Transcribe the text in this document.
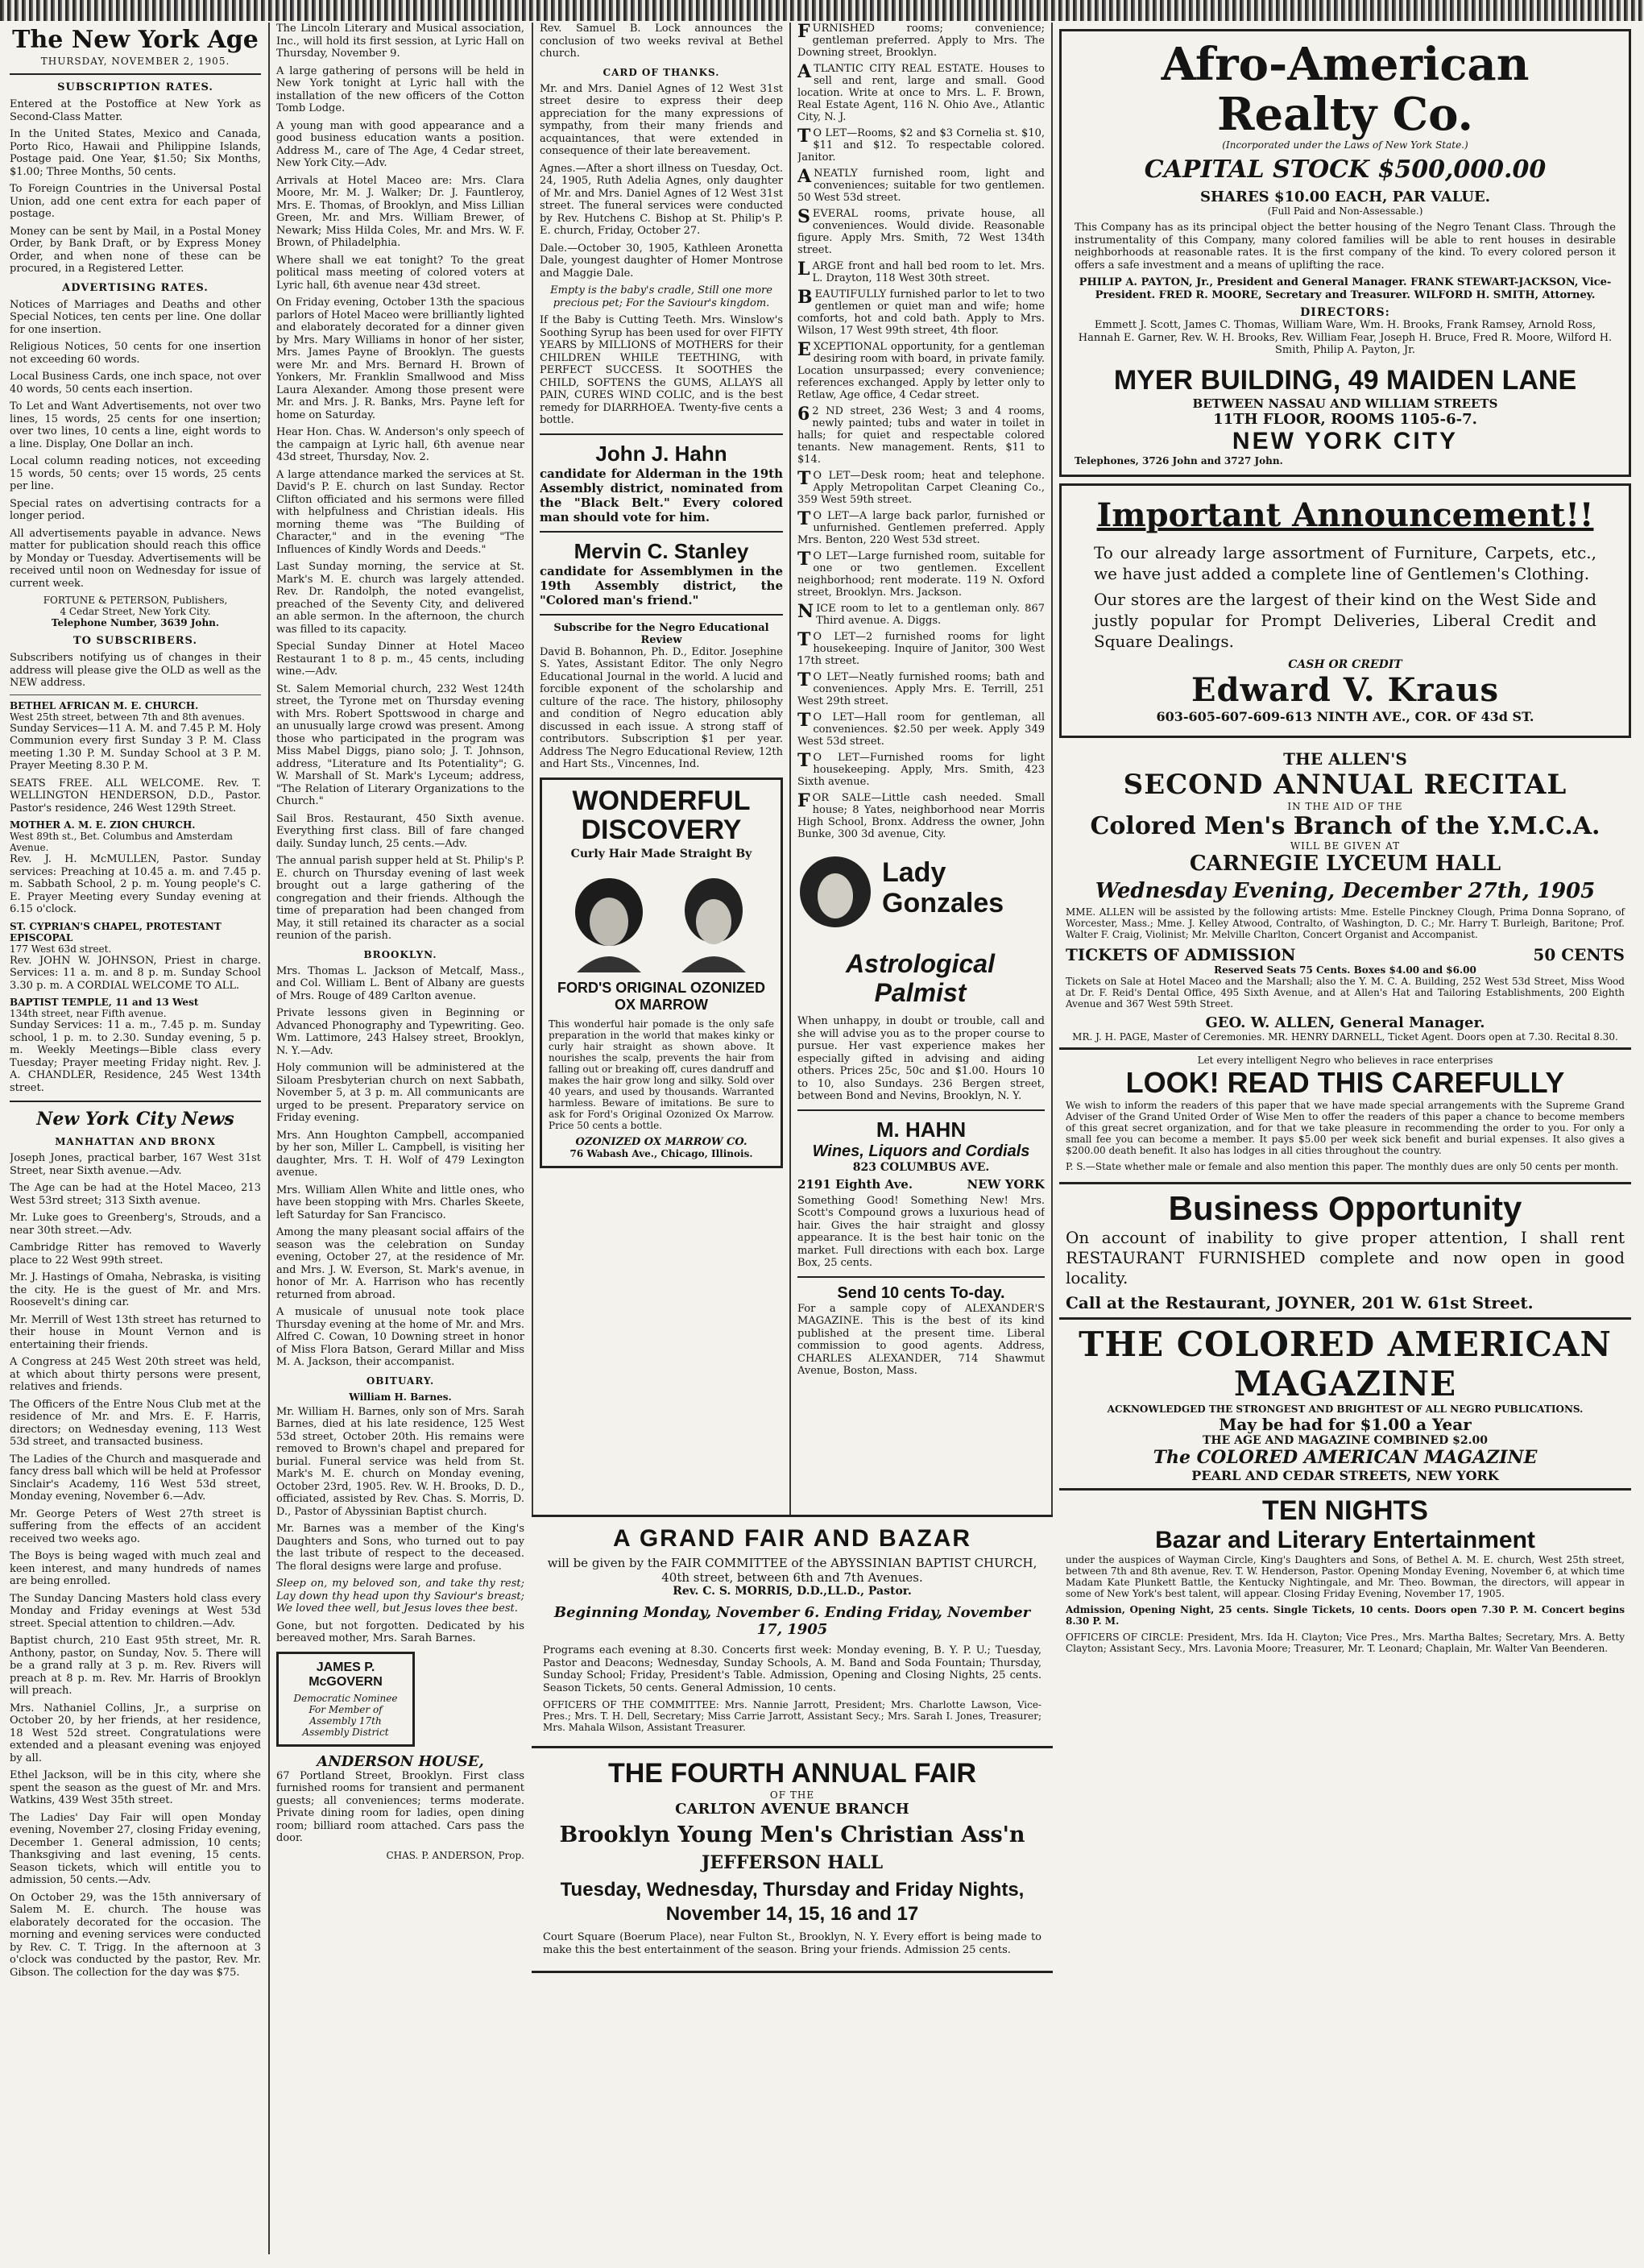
The New York Age
THURSDAY, NOVEMBER 2, 1905.
SUBSCRIPTION RATES.

Entered at the Postoffice at New York as Second-Class Matter.

In the United States, Mexico and Canada, Porto Rico, Hawaii and Philippine Islands, Postage paid. One Year, $1.50; Six Months, $1.00; Three Months, 50 cents.

To Foreign Countries in the Universal Postal Union, add one cent extra for each paper of postage.

Money can be sent by Mail, in a Postal Money Order, by Bank Draft, or by Express Money Order, and when none of these can be procured, in a Registered Letter.

ADVERTISING RATES.

Notices of Marriages and Deaths and other Special Notices, ten cents per line. One dollar for one insertion.

Religious Notices, 50 cents for one insertion not exceeding 60 words.

Local Business Cards, one inch space, not over 40 words, 50 cents each insertion.

To Let and Want Advertisements, not over two lines, 15 words, 25 cents for one insertion; over two lines, 10 cents a line, eight words to a line. Display, One Dollar an inch.

Local column reading notices, not exceeding 15 words, 50 cents; over 15 words, 25 cents per line.

Special rates on advertising contracts for a longer period.

All advertisements payable in advance. News matter for publication should reach this office by Monday or Tuesday. Advertisements will be received until noon on Wednesday for issue of current week.

FORTUNE & PETERSON, Publishers,
4 Cedar Street, New York City.
Telephone Number, 3639 John.
TO SUBSCRIBERS.

Subscribers notifying us of changes in their address will please give the OLD as well as the NEW address.

BETHEL AFRICAN M. E. CHURCH.
West 25th street, between 7th and 8th avenues.

Sunday Services—11 A. M. and 7.45 P. M. Holy Communion every first Sunday 3 P. M. Class meeting 1.30 P. M. Sunday School at 3 P. M. Prayer Meeting 8.30 P. M.

SEATS FREE. ALL WELCOME. Rev. T. WELLINGTON HENDERSON, D.D., Pastor. Pastor's residence, 246 West 129th Street.

MOTHER A. M. E. ZION CHURCH.
West 89th st., Bet. Columbus and Amsterdam Avenue.

Rev. J. H. McMULLEN, Pastor. Sunday services: Preaching at 10.45 a. m. and 7.45 p. m. Sabbath School, 2 p. m. Young people's C. E. Prayer Meeting every Sunday evening at 6.15 o'clock.

ST. CYPRIAN'S CHAPEL, PROTESTANT EPISCOPAL
177 West 63d street.

Rev. JOHN W. JOHNSON, Priest in charge. Services: 11 a. m. and 8 p. m. Sunday School 3.30 p. m. A CORDIAL WELCOME TO ALL.

BAPTIST TEMPLE, 11 and 13 West
134th street, near Fifth avenue.

Sunday Services: 11 a. m., 7.45 p. m. Sunday school, 1 p. m. to 2.30. Sunday evening, 5 p. m. Weekly Meetings—Bible class every Tuesday; Prayer meeting Friday night. Rev. J. A. CHANDLER, Residence, 245 West 134th street.

New York City News
MANHATTAN AND BRONX

Joseph Jones, practical barber, 167 West 31st Street, near Sixth avenue.—Adv.

The Age can be had at the Hotel Maceo, 213 West 53rd street; 313 Sixth avenue.

Mr. Luke goes to Greenberg's, Strouds, and a near 30th street.—Adv.

Cambridge Ritter has removed to Waverly place to 22 West 99th street.

Mr. J. Hastings of Omaha, Nebraska, is visiting the city. He is the guest of Mr. and Mrs. Roosevelt's dining car.

Mr. Merrill of West 13th street has returned to their house in Mount Vernon and is entertaining their friends.

A Congress at 245 West 20th street was held, at which about thirty persons were present, relatives and friends.

The Officers of the Entre Nous Club met at the residence of Mr. and Mrs. E. F. Harris, directors; on Wednesday evening, 113 West 53d street, and transacted business.

The Ladies of the Church and masquerade and fancy dress ball which will be held at Professor Sinclair's Academy, 116 West 53d street, Monday evening, November 6.—Adv.

Mr. George Peters of West 27th street is suffering from the effects of an accident received two weeks ago.

The Boys is being waged with much zeal and keen interest, and many hundreds of names are being enrolled.

The Sunday Dancing Masters hold class every Monday and Friday evenings at West 53d street. Special attention to children.—Adv.

Baptist church, 210 East 95th street, Mr. R. Anthony, pastor, on Sunday, Nov. 5. There will be a grand rally at 3 p. m. Rev. Rivers will preach at 8 p. m. Rev. Mr. Harris of Brooklyn will preach.

Mrs. Nathaniel Collins, Jr., a surprise on October 20, by her friends, at her residence, 18 West 52d street. Congratulations were extended and a pleasant evening was enjoyed by all.

Ethel Jackson, will be in this city, where she spent the season as the guest of Mr. and Mrs. Watkins, 439 West 35th street.

The Ladies' Day Fair will open Monday evening, November 27, closing Friday evening, December 1. General admission, 10 cents; Thanksgiving and last evening, 15 cents. Season tickets, which will entitle you to admission, 50 cents.—Adv.

On October 29, was the 15th anniversary of Salem M. E. church. The house was elaborately decorated for the occasion. The morning and evening services were conducted by Rev. C. T. Trigg. In the afternoon at 3 o'clock was conducted by the pastor, Rev. Mr. Gibson. The collection for the day was $75.

The Lincoln Literary and Musical association, Inc., will hold its first session, at Lyric Hall on Thursday, November 9.

A large gathering of persons will be held in New York tonight at Lyric hall with the installation of the new officers of the Cotton Tomb Lodge.

A young man with good appearance and a good business education wants a position. Address M., care of The Age, 4 Cedar street, New York City.—Adv.

Arrivals at Hotel Maceo are: Mrs. Clara Moore, Mr. M. J. Walker; Dr. J. Fauntleroy, Mrs. E. Thomas, of Brooklyn, and Miss Lillian Green, Mr. and Mrs. William Brewer, of Newark; Miss Hilda Coles, Mr. and Mrs. W. F. Brown, of Philadelphia.

Where shall we eat tonight? To the great political mass meeting of colored voters at Lyric hall, 6th avenue near 43d street.

On Friday evening, October 13th the spacious parlors of Hotel Maceo were brilliantly lighted and elaborately decorated for a dinner given by Mrs. Mary Williams in honor of her sister, Mrs. James Payne of Brooklyn. The guests were Mr. and Mrs. Bernard H. Brown of Yonkers, Mr. Franklin Smallwood and Miss Laura Alexander. Among those present were Mr. and Mrs. J. R. Banks, Mrs. Payne left for home on Saturday.

Hear Hon. Chas. W. Anderson's only speech of the campaign at Lyric hall, 6th avenue near 43d street, Thursday, Nov. 2.

A large attendance marked the services at St. David's P. E. church on last Sunday. Rector Clifton officiated and his sermons were filled with helpfulness and Christian ideals. His morning theme was "The Building of Character," and in the evening "The Influences of Kindly Words and Deeds."

Last Sunday morning, the service at St. Mark's M. E. church was largely attended. Rev. Dr. Randolph, the noted evangelist, preached of the Seventy City, and delivered an able sermon. In the afternoon, the church was filled to its capacity.

Special Sunday Dinner at Hotel Maceo Restaurant 1 to 8 p. m., 45 cents, including wine.—Adv.

St. Salem Memorial church, 232 West 124th street, the Tyrone met on Thursday evening with Mrs. Robert Spottswood in charge and an unusually large crowd was present. Among those who participated in the program was Miss Mabel Diggs, piano solo; J. T. Johnson, address, "Literature and Its Potentiality"; G. W. Marshall of St. Mark's Lyceum; address, "The Relation of Literary Organizations to the Church."

Sail Bros. Restaurant, 450 Sixth avenue. Everything first class. Bill of fare changed daily. Sunday lunch, 25 cents.—Adv.

The annual parish supper held at St. Philip's P. E. church on Thursday evening of last week brought out a large gathering of the congregation and their friends. Although the time of preparation had been changed from May, it still retained its character as a social reunion of the parish.

BROOKLYN.

Mrs. Thomas L. Jackson of Metcalf, Mass., and Col. William L. Bent of Albany are guests of Mrs. Rouge of 489 Carlton avenue.

Private lessons given in Beginning or Advanced Phonography and Typewriting. Geo. Wm. Lattimore, 243 Halsey street, Brooklyn, N. Y.—Adv.

Holy communion will be administered at the Siloam Presbyterian church on next Sabbath, November 5, at 3 p. m. All communicants are urged to be present. Preparatory service on Friday evening.

Mrs. Ann Houghton Campbell, accompanied by her son, Miller L. Campbell, is visiting her daughter, Mrs. T. H. Wolf of 479 Lexington avenue.

Mrs. William Allen White and little ones, who have been stopping with Mrs. Charles Skeete, left Saturday for San Francisco.

Among the many pleasant social affairs of the season was the celebration on Sunday evening, October 27, at the residence of Mr. and Mrs. J. W. Everson, St. Mark's avenue, in honor of Mr. A. Harrison who has recently returned from abroad.

A musicale of unusual note took place Thursday evening at the home of Mr. and Mrs. Alfred C. Cowan, 10 Downing street in honor of Miss Flora Batson, Gerard Millar and Miss M. A. Jackson, their accompanist.

OBITUARY.
William H. Barnes.

Mr. William H. Barnes, only son of Mrs. Sarah Barnes, died at his late residence, 125 West 53d street, October 20th. His remains were removed to Brown's chapel and prepared for burial. Funeral service was held from St. Mark's M. E. church on Monday evening, October 23rd, 1905. Rev. W. H. Brooks, D. D., officiated, assisted by Rev. Chas. S. Morris, D. D., Pastor of Abyssinian Baptist church.

Mr. Barnes was a member of the King's Daughters and Sons, who turned out to pay the last tribute of respect to the deceased. The floral designs were large and profuse.

Sleep on, my beloved son, and take thy rest; Lay down thy head upon thy Saviour's breast; We loved thee well, but Jesus loves thee best.

Gone, but not forgotten. Dedicated by his bereaved mother, Mrs. Sarah Barnes.

JAMES P. McGOVERN
Democratic Nominee For Member of Assembly 17th Assembly District
ANDERSON HOUSE,

67 Portland Street, Brooklyn. First class furnished rooms for transient and permanent guests; all conveniences; terms moderate. Private dining room for ladies, open dining room; billiard room attached. Cars pass the door.

CHAS. P. ANDERSON, Prop.

Rev. Samuel B. Lock announces the conclusion of two weeks revival at Bethel church.

CARD OF THANKS.

Mr. and Mrs. Daniel Agnes of 12 West 31st street desire to express their deep appreciation for the many expressions of sympathy, from their many friends and acquaintances, that were extended in consequence of their late bereavement.

Agnes.—After a short illness on Tuesday, Oct. 24, 1905, Ruth Adelia Agnes, only daughter of Mr. and Mrs. Daniel Agnes of 12 West 31st street. The funeral services were conducted by Rev. Hutchens C. Bishop at St. Philip's P. E. church, Friday, October 27.

Dale.—October 30, 1905, Kathleen Aronetta Dale, youngest daughter of Homer Montrose and Maggie Dale.

Empty is the baby's cradle, Still one more precious pet; For the Saviour's kingdom.

If the Baby is Cutting Teeth. Mrs. Winslow's Soothing Syrup has been used for over FIFTY YEARS by MILLIONS of MOTHERS for their CHILDREN WHILE TEETHING, with PERFECT SUCCESS. It SOOTHES the CHILD, SOFTENS the GUMS, ALLAYS all PAIN, CURES WIND COLIC, and is the best remedy for DIARRHOEA. Twenty-five cents a bottle.

John J. Hahn

candidate for Alderman in the 19th Assembly district, nominated from the "Black Belt." Every colored man should vote for him.

Mervin C. Stanley

candidate for Assemblymen in the 19th Assembly district, the "Colored man's friend."

Subscribe for the Negro Educational Review

David B. Bohannon, Ph. D., Editor. Josephine S. Yates, Assistant Editor. The only Negro Educational Journal in the world. A lucid and forcible exponent of the scholarship and culture of the race. The history, philosophy and condition of Negro education ably discussed in each issue. A strong staff of contributors. Subscription $1 per year. Address The Negro Educational Review, 12th and Hart Sts., Vincennes, Ind.

WONDERFUL
DISCOVERY
Curly Hair Made Straight By
FORD'S ORIGINAL OZONIZED OX MARROW

This wonderful hair pomade is the only safe preparation in the world that makes kinky or curly hair straight as shown above. It nourishes the scalp, prevents the hair from falling out or breaking off, cures dandruff and makes the hair grow long and silky. Sold over 40 years, and used by thousands. Warranted harmless. Beware of imitations. Be sure to ask for Ford's Original Ozonized Ox Marrow. Price 50 cents a bottle.

OZONIZED OX MARROW CO.
76 Wabash Ave., Chicago, Illinois.

FURNISHED rooms; convenience; gentleman preferred. Apply to Mrs. The Downing street, Brooklyn.

ATLANTIC CITY REAL ESTATE. Houses to sell and rent, large and small. Good location. Write at once to Mrs. L. F. Brown, Real Estate Agent, 116 N. Ohio Ave., Atlantic City, N. J.

T O LET—Rooms, $2 and $3 Cornelia st. $10, $11 and $12. To respectable colored. Janitor.

ANEATLY furnished room, light and conveniences; suitable for two gentlemen. 50 West 53d street.

SEVERAL rooms, private house, all conveniences. Would divide. Reasonable figure. Apply Mrs. Smith, 72 West 134th street.

LARGE front and hall bed room to let. Mrs. L. Drayton, 118 West 30th street.

BEAUTIFULLY furnished parlor to let to two gentlemen or quiet man and wife; home comforts, hot and cold bath. Apply to Mrs. Wilson, 17 West 99th street, 4th floor.

EXCEPTIONAL opportunity, for a gentleman desiring room with board, in private family. Location unsurpassed; every convenience; references exchanged. Apply by letter only to Retlaw, Age office, 4 Cedar street.

6 2 ND street, 236 West; 3 and 4 rooms, newly painted; tubs and water in toilet in halls; for quiet and respectable colored tenants. New management. Rents, $11 to $14.

T O LET—Desk room; heat and telephone. Apply Metropolitan Carpet Cleaning Co., 359 West 59th street.

T O LET—A large back parlor, furnished or unfurnished. Gentlemen preferred. Apply Mrs. Benton, 220 West 53d street.

T O LET—Large furnished room, suitable for one or two gentlemen. Excellent neighborhood; rent moderate. 119 N. Oxford street, Brooklyn. Mrs. Jackson.

NICE room to let to a gentleman only. 867 Third avenue. A. Diggs.

T O LET—2 furnished rooms for light housekeeping. Inquire of Janitor, 300 West 17th street.

T O LET—Neatly furnished rooms; bath and conveniences. Apply Mrs. E. Terrill, 251 West 29th street.

T O LET—Hall room for gentleman, all conveniences. $2.50 per week. Apply 349 West 53d street.

T O LET—Furnished rooms for light housekeeping. Apply, Mrs. Smith, 423 Sixth avenue.

FOR SALE—Little cash needed. Small house; 8 Yates, neighborhood near Morris High School, Bronx. Address the owner, John Bunke, 300 3d avenue, City.

Lady Gonzales
Astrological Palmist

When unhappy, in doubt or trouble, call and she will advise you as to the proper course to pursue. Her vast experience makes her especially gifted in advising and aiding others. Prices 25c, 50c and $1.00. Hours 10 to 10, also Sundays. 236 Bergen street, between Bond and Nevins, Brooklyn, N. Y.

M. HAHN
Wines, Liquors and Cordials
823 COLUMBUS AVE.
2191 Eighth Ave.	NEW YORK

Something Good! Something New! Mrs. Scott's Compound grows a luxurious head of hair. Gives the hair straight and glossy appearance. It is the best hair tonic on the market. Full directions with each box. Large Box, 25 cents.

Send 10 cents To-day.

For a sample copy of ALEXANDER'S MAGAZINE. This is the best of its kind published at the present time. Liberal commission to good agents. Address, CHARLES ALEXANDER, 714 Shawmut Avenue, Boston, Mass.

A GRAND FAIR AND BAZAR
will be given by the FAIR COMMITTEE of the ABYSSINIAN BAPTIST CHURCH, 40th street, between 6th and 7th Avenues.
Rev. C. S. MORRIS, D.D.,LL.D., Pastor.
Beginning Monday, November 6. Ending Friday, November 17, 1905

Programs each evening at 8.30. Concerts first week: Monday evening, B. Y. P. U.; Tuesday, Pastor and Deacons; Wednesday, Sunday Schools, A. M. Band and Soda Fountain; Thursday, Sunday School; Friday, President's Table. Admission, Opening and Closing Nights, 25 cents. Season Tickets, 50 cents. General Admission, 10 cents.

OFFICERS OF THE COMMITTEE: Mrs. Nannie Jarrott, President; Mrs. Charlotte Lawson, Vice-Pres.; Mrs. T. H. Dell, Secretary; Miss Carrie Jarrott, Assistant Secy.; Mrs. Sarah I. Jones, Treasurer; Mrs. Mahala Wilson, Assistant Treasurer.

THE FOURTH ANNUAL FAIR
OF THE
CARLTON AVENUE BRANCH
Brooklyn Young Men's Christian Ass'n
JEFFERSON HALL
Tuesday, Wednesday, Thursday and Friday Nights, November 14, 15, 16 and 17

Court Square (Boerum Place), near Fulton St., Brooklyn, N. Y. Every effort is being made to make this the best entertainment of the season. Bring your friends. Admission 25 cents.

Afro-American Realty Co.
(Incorporated under the Laws of New York State.)
CAPITAL STOCK $500,000.00
SHARES $10.00 EACH, PAR VALUE.
(Full Paid and Non-Assessable.)

This Company has as its principal object the better housing of the Negro Tenant Class. Through the instrumentality of this Company, many colored families will be able to rent houses in desirable neighborhoods at reasonable rates. It is the first company of the kind. To every colored person it offers a safe investment and a means of uplifting the race.

PHILIP A. PAYTON, Jr., President and General Manager. FRANK STEWART-JACKSON, Vice-President. FRED R. MOORE, Secretary and Treasurer. WILFORD H. SMITH, Attorney.

DIRECTORS:

Emmett J. Scott, James C. Thomas, William Ware, Wm. H. Brooks, Frank Ramsey, Arnold Ross, Hannah E. Garner, Rev. W. H. Brooks, Rev. William Fear, Joseph H. Bruce, Fred R. Moore, Wilford H. Smith, Philip A. Payton, Jr.

MYER BUILDING, 49 MAIDEN LANE
BETWEEN NASSAU AND WILLIAM STREETS
11TH FLOOR, ROOMS 1105-6-7.
NEW YORK CITY
Telephones, 3726 John and 3727 John.
Important Announcement!!

To our already large assortment of Furniture, Carpets, etc., we have just added a complete line of Gentlemen's Clothing.

Our stores are the largest of their kind on the West Side and justly popular for Prompt Deliveries, Liberal Credit and Square Dealings.

CASH OR CREDIT
Edward V. Kraus
603-605-607-609-613 NINTH AVE., COR. OF 43d ST.
THE ALLEN'S
SECOND ANNUAL RECITAL
IN THE AID OF THE
Colored Men's Branch of the Y.M.C.A.
WILL BE GIVEN AT
CARNEGIE LYCEUM HALL
Wednesday Evening, December 27th, 1905

MME. ALLEN will be assisted by the following artists: Mme. Estelle Pinckney Clough, Prima Donna Soprano, of Worcester, Mass.; Mme. J. Kelley Atwood, Contralto, of Washington, D. C.; Mr. Harry T. Burleigh, Baritone; Prof. Walter F. Craig, Violinist; Mr. Melville Charlton, Concert Organist and Accompanist.

TICKETS OF ADMISSION	50 CENTS
Reserved Seats 75 Cents. Boxes $4.00 and $6.00

Tickets on Sale at Hotel Maceo and the Marshall; also the Y. M. C. A. Building, 252 West 53d Street, Miss Wood at Dr. F. Reid's Dental Office, 495 Sixth Avenue, and at Allen's Hat and Tailoring Establishments, 200 Eighth Avenue and 367 West 59th Street.

GEO. W. ALLEN, General Manager.
MR. J. H. PAGE, Master of Ceremonies. MR. HENRY DARNELL, Ticket Agent. Doors open at 7.30. Recital 8.30.
Let every intelligent Negro who believes in race enterprises
LOOK! READ THIS CAREFULLY

We wish to inform the readers of this paper that we have made special arrangements with the Supreme Grand Adviser of the Grand United Order of Wise Men to offer the readers of this paper a chance to become members of this great secret organization, and for that we take pleasure in recommending the order to you. For only a small fee you can become a member. It pays $5.00 per week sick benefit and burial expenses. It also gives a $200.00 death benefit. It also has lodges in all cities throughout the country.

P. S.—State whether male or female and also mention this paper. The monthly dues are only 50 cents per month.

Business Opportunity

On account of inability to give proper attention, I shall rent RESTAURANT FURNISHED complete and now open in good locality.

Call at the Restaurant, JOYNER, 201 W. 61st Street.
THE COLORED AMERICAN MAGAZINE
ACKNOWLEDGED THE STRONGEST AND BRIGHTEST OF ALL NEGRO PUBLICATIONS.
May be had for $1.00 a Year
THE AGE AND MAGAZINE COMBINED $2.00
The COLORED AMERICAN MAGAZINE
PEARL AND CEDAR STREETS, NEW YORK
TEN NIGHTS
Bazar and Literary Entertainment

under the auspices of Wayman Circle, King's Daughters and Sons, of Bethel A. M. E. church, West 25th street, between 7th and 8th avenue, Rev. T. W. Henderson, Pastor. Opening Monday Evening, November 6, at which time Madam Kate Plunkett Battle, the Kentucky Nightingale, and Mr. Theo. Bowman, the directors, will appear in some of New York's best talent, will appear. Closing Friday Evening, November 17, 1905.

Admission, Opening Night, 25 cents. Single Tickets, 10 cents. Doors open 7.30 P. M. Concert begins 8.30 P. M.

OFFICERS OF CIRCLE: President, Mrs. Ida H. Clayton; Vice Pres., Mrs. Martha Baltes; Secretary, Mrs. A. Betty Clayton; Assistant Secy., Mrs. Lavonia Moore; Treasurer, Mr. T. Leonard; Chaplain, Mr. Walter Van Beenderen.
